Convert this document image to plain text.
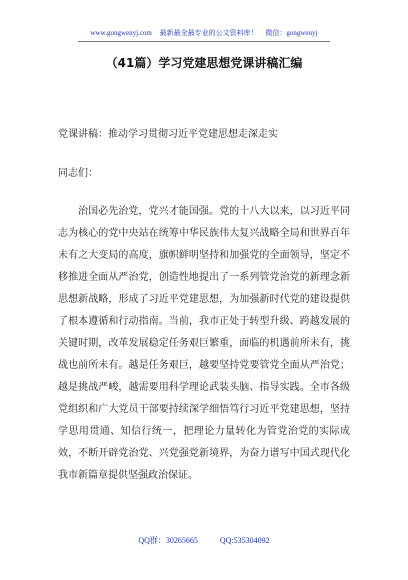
www.gongwenyj.com 最新最全最专业的公文资料库！ 微信：gongwenyj
（41篇）学习党建思想党课讲稿汇编
党课讲稿：推动学习贯彻习近平党建思想走深走实
同志们：

治国必先治党，党兴才能国强。党的十八大以来，以习近平同志为核心的党中央站在统筹中华民族伟大复兴战略全局和世界百年未有之大变局的高度，旗帜鲜明坚持和加强党的全面领导，坚定不移推进全面从严治党，创造性地提出了一系列管党治党的新理念新思想新战略，形成了习近平党建思想，为加强新时代党的建设提供了根本遵循和行动指南。当前，我市正处于转型升级、跨越发展的关键时期，改革发展稳定任务艰巨繁重，面临的机遇前所未有，挑战也前所未有。越是任务艰巨，越要坚持党要管党全面从严治党；越是挑战严峻，越需要用科学理论武装头脑、指导实践。全市各级党组织和广大党员干部要持续深学细悟笃行习近平党建思想，坚持学思用贯通、知信行统一，把理论力量转化为管党治党的实际成效，不断开辟党治党、兴党强党新境界，为奋力谱写中国式现代化我市新篇章提供坚强政治保证。

QQ群：30265665	QQ:535304092
